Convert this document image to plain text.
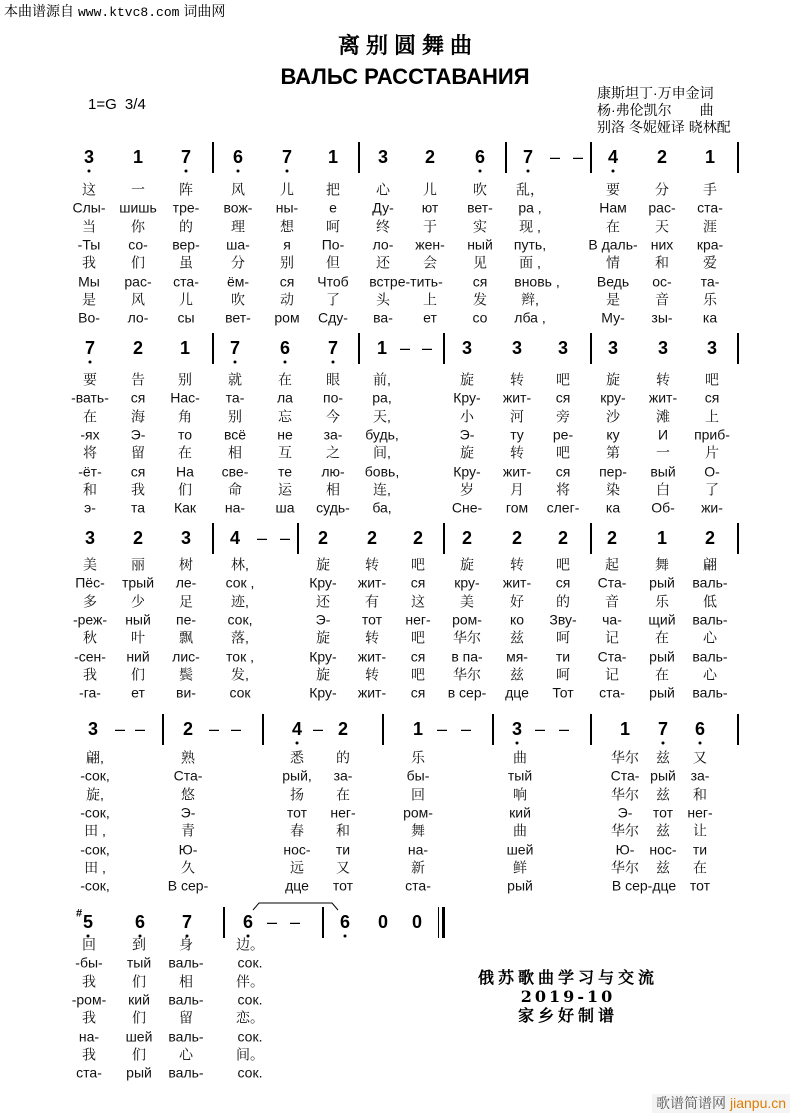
本曲谱源自 www.ktvc8.com 词曲网
离别圆舞曲
ВАЛЬС РАССТАВАНИЯ
1=G 3/4
康斯坦丁·万申金词
杨·弗伦凯尔　　曲
别洛 冬妮娅译 晓林配
3 1 7 6 7 1 3 2 6 7 – – 4 2 1
这	一 阵	风	儿 把	心 儿	吹 乱，	要	分 手
Слы- шишь тре- вож- ны- е	Ду- ют вет- ра ,	Нам рас- ста-
当	你 的	理	想 呵	终 于	实 现 ,	在	天 涯
-Ты со- вер- ша- я По- ло- жен- ный путь,	В даль- них кра-
我	们 虽	分	别 但	还 会	见 面 ,	情	和 爱
Мы рас- ста- ём- ся Чтоб встре-тить- ся вновь ,	Ведь ос- та-
是	风 儿	吹	动 了	头 上	发 辫,	是	音 乐
Во- ло- сы вет- ром Сду- ва- ет	со лба ,	Му- зы- ка
7 2 1 7 6 7 1 – – 3 3 3 3 3 3
要 告 别	就	在 眼 前,	旋	转 吧	旋	转	吧
-вать- ся Нас- та- ла по- ра,	Кру- жит- ся кру- жит- ся
在 海 角	别	忘 今 天,	小	河 旁	沙	滩	上
-ях Э- то всё не за- будь,	Э-	ту ре- ку	И приб-
将 留 在	相	互 之 间,	旋	转 吧	第	一	片
-ёт- ся На све- те лю- бовь,	Кру- жит- ся пер- вый О-
和 我 们	命	运 相 连,	岁	月 将	染	白	了
э-	та Как на- ша судь- ба,	Сне- гом слег- ка Об- жи-
3 2 3 4 – – 2 2 2 2 2 2 2 1 2
美 丽 树	林,	旋	转 吧	旋	转 吧	起	舞 翩
Пёс- трый ле- сок ,	Кру- жит- ся кру- жит- ся Ста- рый валь-
多 少 足	迹,	还	有 这	美	好 的	音	乐 低
-реж- ный пе- сок,	Э- тот нег- ром- ко Зву- ча- щий валь-
秋 叶 飘	落,	旋	转 吧 华尔 兹 呵	记	在 心
-сен- ний лис- ток ,	Кру- жит- ся в па- мя- ти Ста- рый валь-
我 们 鬓	发,	旋	转 吧 华尔 兹 呵	记	在 心
-га- ет ви- сок	Кру- жит- ся в сер- дце Тот ста- рый валь-
3 – – 2 – –	4 – 2	1 – – 3 – –	1 7 6
翩,	熟	悉 的	乐	曲	华尔 兹 又
-сок,	Ста-	рый, за-	бы-	тый	Ста- рый за-
旋,	悠	扬 在	回	响	华尔 兹 和
-сок,	Э-	тот нег-	ром-	кий	Э- тот нег-
田 ,	青	春 和	舞	曲	华尔 兹 让
-сок,	Ю-	нос- ти	на-	шей	Ю- нос- ти
田 ,	久	远 又	新	鲜	华尔 兹 在
-сок,	В сер-	дце тот	ста-	рый	В сер-дце тот
5
#	6 7	6 – – 6 0 0
回	到 身	边。
-бы- тый валь- сок.
我	们 相	伴。
-ром- кий валь- сок.
我	们 留	恋。
на- шей валь- сок.
我	们 心	间。
ста- рый валь- сок.
俄苏歌曲学习与交流
2019-10
家乡好制谱
歌谱简谱网 jianpu.cn
